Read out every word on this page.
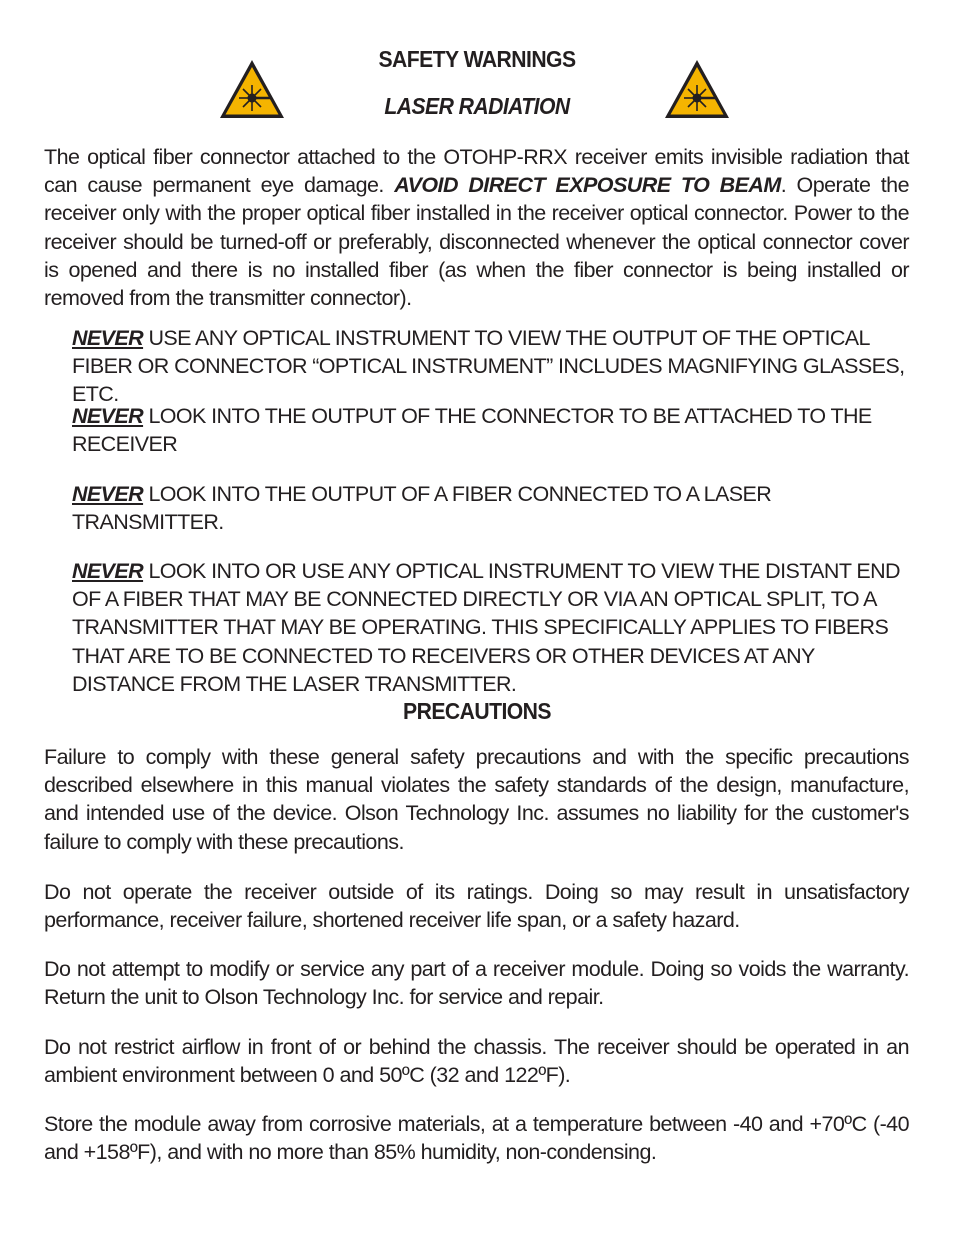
SAFETY WARNINGS
LASER RADIATION

The optical fiber connector attached to the OTOHP-RRX receiver emits invisible radiation that can cause permanent eye damage. AVOID DIRECT EXPOSURE TO BEAM. Operate the receiver only with the proper optical fiber installed in the receiver optical connector. Power to the receiver should be turned-off or preferably, disconnected whenever the optical connector cover is opened and there is no installed fiber (as when the fiber connector is being installed or removed from the transmitter connector).

NEVER USE ANY OPTICAL INSTRUMENT TO VIEW THE OUTPUT OF THE OPTICAL FIBER OR CONNECTOR “OPTICAL INSTRUMENT” INCLUDES MAGNIFYING GLASSES, ETC.

NEVER LOOK INTO THE OUTPUT OF THE CONNECTOR TO BE ATTACHED TO THE RECEIVER

NEVER LOOK INTO THE OUTPUT OF A FIBER CONNECTED TO A LASER TRANSMITTER.

NEVER LOOK INTO OR USE ANY OPTICAL INSTRUMENT TO VIEW THE DISTANT END OF A FIBER THAT MAY BE CONNECTED DIRECTLY OR VIA AN OPTICAL SPLIT, TO A TRANSMITTER THAT MAY BE OPERATING. THIS SPECIFICALLY APPLIES TO FIBERS THAT ARE TO BE CONNECTED TO RECEIVERS OR OTHER DEVICES AT ANY DISTANCE FROM THE LASER TRANSMITTER.

PRECAUTIONS

Failure to comply with these general safety precautions and with the specific precautions described elsewhere in this manual violates the safety standards of the design, manufacture, and intended use of the device. Olson Technology Inc. assumes no liability for the customer's failure to comply with these precautions.

Do not operate the receiver outside of its ratings. Doing so may result in unsatisfactory performance, receiver failure, shortened receiver life span, or a safety hazard.

Do not attempt to modify or service any part of a receiver module. Doing so voids the warranty. Return the unit to Olson Technology Inc. for service and repair.

Do not restrict airflow in front of or behind the chassis. The receiver should be operated in an ambient environment between 0 and 50ºC (32 and 122ºF).

Store the module away from corrosive materials, at a temperature between -40 and +70ºC (-40 and +158ºF), and with no more than 85% humidity, non-condensing.
